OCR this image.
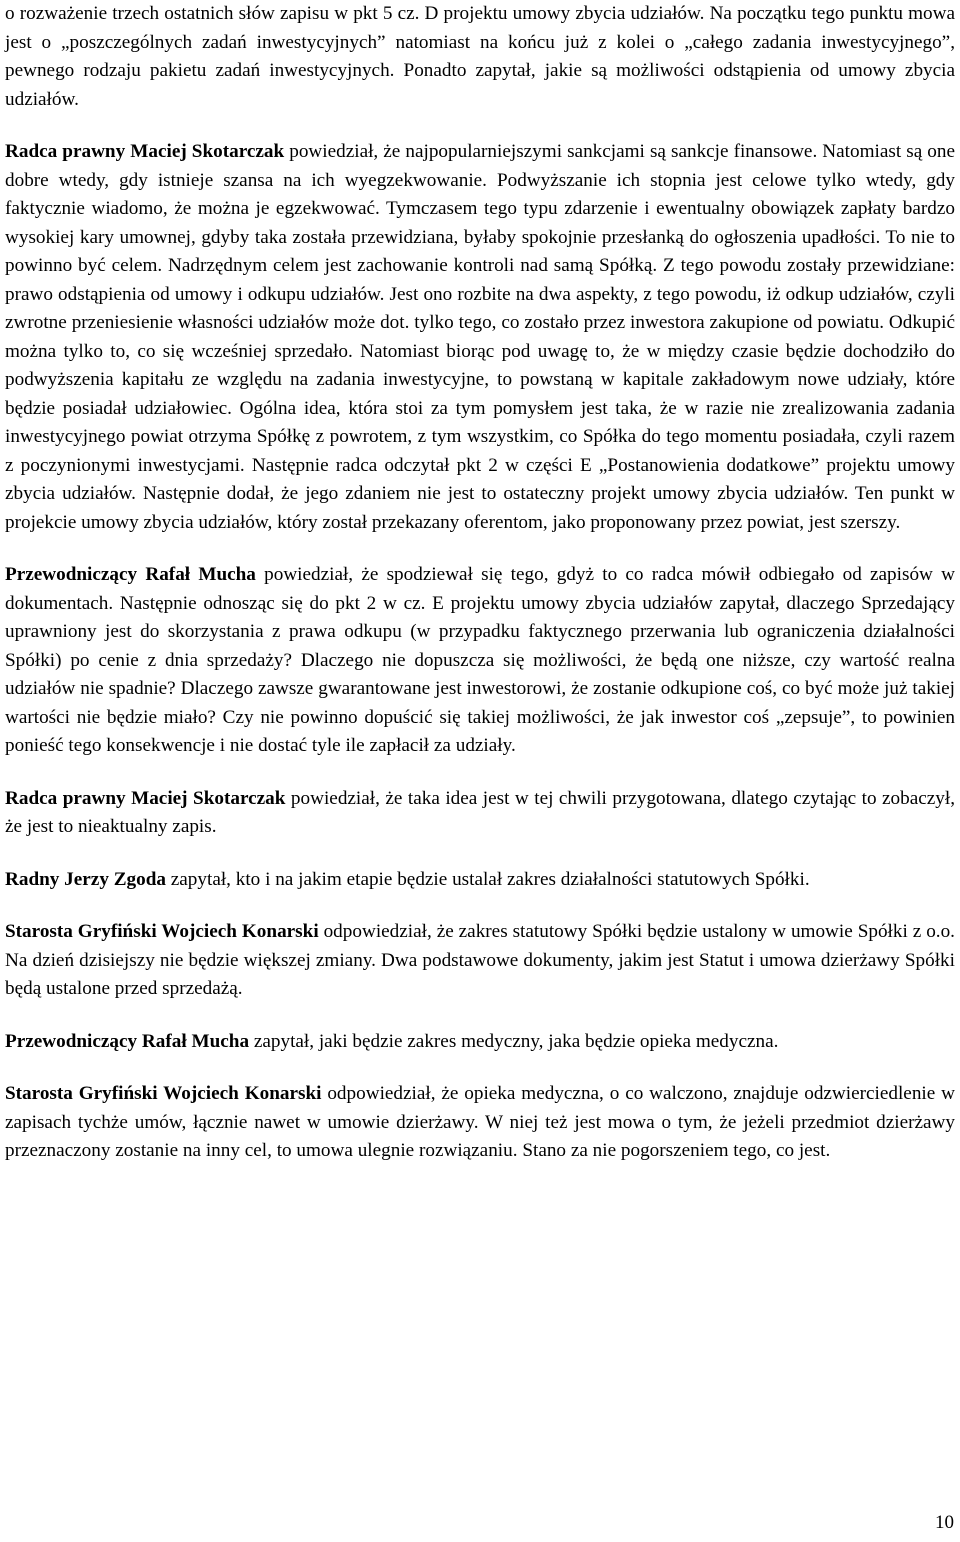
o rozważenie trzech ostatnich słów zapisu w pkt 5 cz. D projektu umowy zbycia udziałów. Na początku tego punktu mowa jest o „poszczególnych zadań inwestycyjnych” natomiast na końcu już z kolei o „całego zadania inwestycyjnego”, pewnego rodzaju pakietu zadań inwestycyjnych. Ponadto zapytał, jakie są możliwości odstąpienia od umowy zbycia udziałów.

Radca prawny Maciej Skotarczak powiedział, że najpopularniejszymi sankcjami są sankcje finansowe. Natomiast są one dobre wtedy, gdy istnieje szansa na ich wyegzekwowanie. Podwyższanie ich stopnia jest celowe tylko wtedy, gdy faktycznie wiadomo, że można je egzekwować. Tymczasem tego typu zdarzenie i ewentualny obowiązek zapłaty bardzo wysokiej kary umownej, gdyby taka została przewidziana, byłaby spokojnie przesłanką do ogłoszenia upadłości. To nie to powinno być celem. Nadrzędnym celem jest zachowanie kontroli nad samą Spółką. Z tego powodu zostały przewidziane: prawo odstąpienia od umowy i odkupu udziałów. Jest ono rozbite na dwa aspekty, z tego powodu, iż odkup udziałów, czyli zwrotne przeniesienie własności udziałów może dot. tylko tego, co zostało przez inwestora zakupione od powiatu. Odkupić można tylko to, co się wcześniej sprzedało. Natomiast biorąc pod uwagę to, że w między czasie będzie dochodziło do podwyższenia kapitału ze względu na zadania inwestycyjne, to powstaną w kapitale zakładowym nowe udziały, które będzie posiadał udziałowiec. Ogólna idea, która stoi za tym pomysłem jest taka, że w razie nie zrealizowania zadania inwestycyjnego powiat otrzyma Spółkę z powrotem, z tym wszystkim, co Spółka do tego momentu posiadała, czyli razem z poczynionymi inwestycjami. Następnie radca odczytał pkt 2 w części E „Postanowienia dodatkowe” projektu umowy zbycia udziałów. Następnie dodał, że jego zdaniem nie jest to ostateczny projekt umowy zbycia udziałów. Ten punkt w projekcie umowy zbycia udziałów, który został przekazany oferentom, jako proponowany przez powiat, jest szerszy.

Przewodniczący Rafał Mucha powiedział, że spodziewał się tego, gdyż to co radca mówił odbiegało od zapisów w dokumentach. Następnie odnosząc się do pkt 2 w cz. E projektu umowy zbycia udziałów zapytał, dlaczego Sprzedający uprawniony jest do skorzystania z prawa odkupu (w przypadku faktycznego przerwania lub ograniczenia działalności Spółki) po cenie z dnia sprzedaży? Dlaczego nie dopuszcza się możliwości, że będą one niższe, czy wartość realna udziałów nie spadnie? Dlaczego zawsze gwarantowane jest inwestorowi, że zostanie odkupione coś, co być może już takiej wartości nie będzie miało? Czy nie powinno dopuścić się takiej możliwości, że jak inwestor coś „zepsuje”, to powinien ponieść tego konsekwencje i nie dostać tyle ile zapłacił za udziały.

Radca prawny Maciej Skotarczak powiedział, że taka idea jest w tej chwili przygotowana, dlatego czytając to zobaczył, że jest to nieaktualny zapis.

Radny Jerzy Zgoda zapytał, kto i na jakim etapie będzie ustalał zakres działalności statutowych Spółki.

Starosta Gryfiński Wojciech Konarski odpowiedział, że zakres statutowy Spółki będzie ustalony w umowie Spółki z o.o. Na dzień dzisiejszy nie będzie większej zmiany. Dwa podstawowe dokumenty, jakim jest Statut i umowa dzierżawy Spółki będą ustalone przed sprzedażą.

Przewodniczący Rafał Mucha zapytał, jaki będzie zakres medyczny, jaka będzie opieka medyczna.

Starosta Gryfiński Wojciech Konarski odpowiedział, że opieka medyczna, o co walczono, znajduje odzwierciedlenie w zapisach tychże umów, łącznie nawet w umowie dzierżawy. W niej też jest mowa o tym, że jeżeli przedmiot dzierżawy przeznaczony zostanie na inny cel, to umowa ulegnie rozwiązaniu. Stano za nie pogorszeniem tego, co jest.

10
